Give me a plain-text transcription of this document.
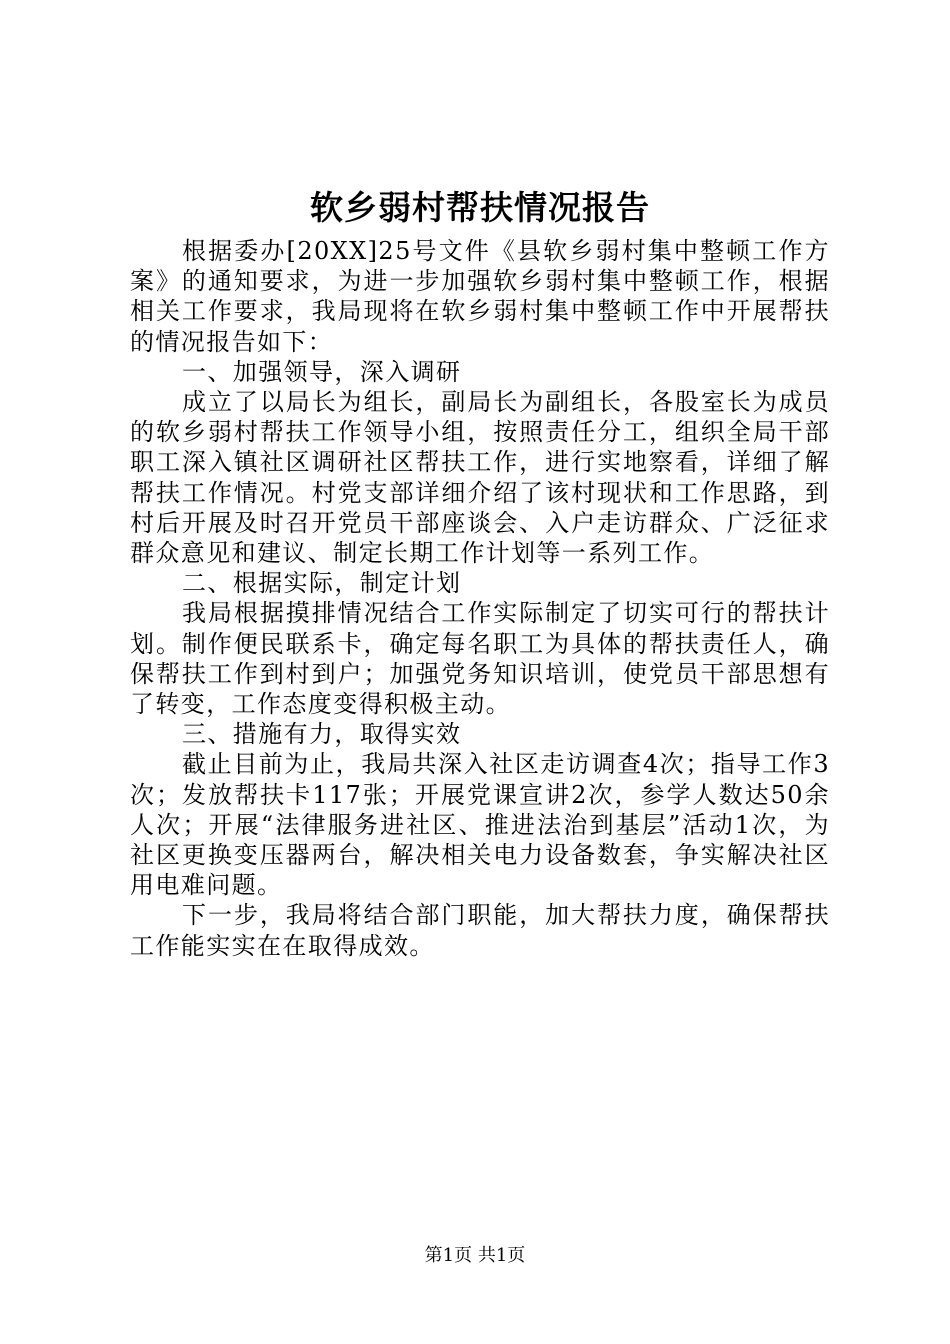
软乡弱村帮扶情况报告

根据委办[20XX]25号文件《县软乡弱村集中整顿工作方案》的通知要求，为进一步加强软乡弱村集中整顿工作，根据相关工作要求，我局现将在软乡弱村集中整顿工作中开展帮扶的情况报告如下：

一、加强领导，深入调研

成立了以局长为组长，副局长为副组长，各股室长为成员的软乡弱村帮扶工作领导小组，按照责任分工，组织全局干部职工深入镇社区调研社区帮扶工作，进行实地察看，详细了解帮扶工作情况。村党支部详细介绍了该村现状和工作思路，到村后开展及时召开党员干部座谈会、入户走访群众、广泛征求群众意见和建议、制定长期工作计划等一系列工作。

二、根据实际，制定计划

我局根据摸排情况结合工作实际制定了切实可行的帮扶计划。制作便民联系卡，确定每名职工为具体的帮扶责任人，确保帮扶工作到村到户；加强党务知识培训，使党员干部思想有了转变，工作态度变得积极主动。

三、措施有力，取得实效

截止目前为止，我局共深入社区走访调查4次；指导工作3次；发放帮扶卡117张；开展党课宣讲2次，参学人数达50余人次；开展“法律服务进社区、推进法治到基层”活动1次，为社区更换变压器两台，解决相关电力设备数套，争实解决社区用电难问题。

下一步，我局将结合部门职能，加大帮扶力度，确保帮扶工作能实实在在取得成效。

第1页 共1页
